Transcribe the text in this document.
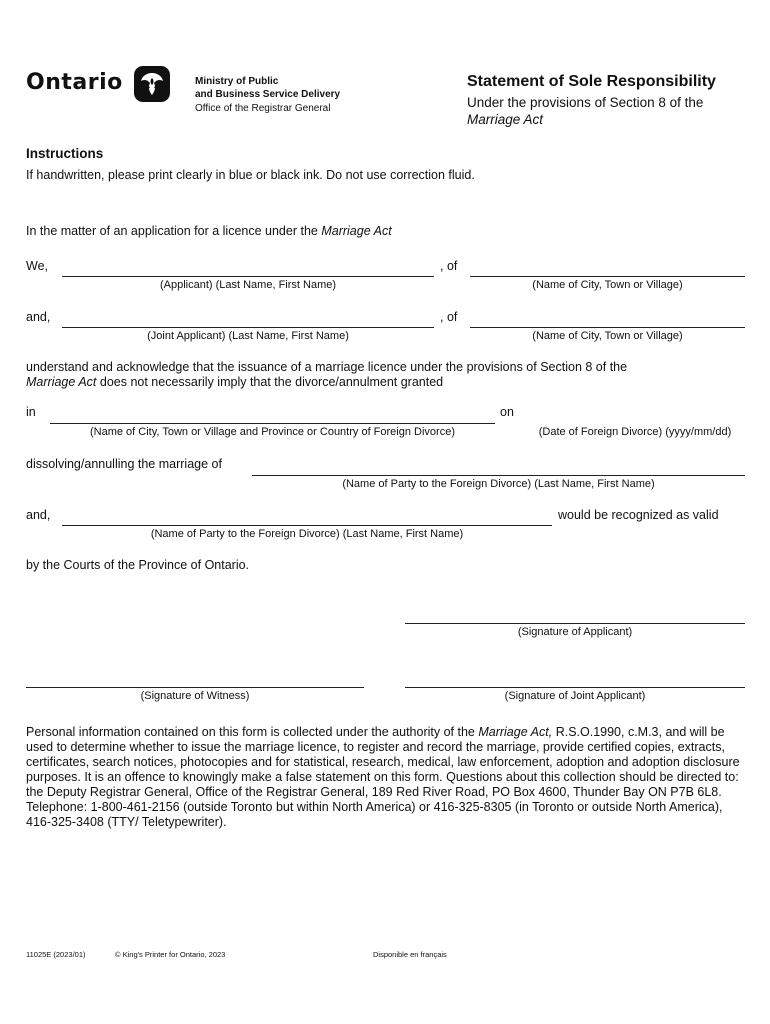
Ontario	Ministry of Public
and Business Service Delivery
Office of the Registrar General
Statement of Sole Responsibility
Under the provisions of Section 8 of the
Marriage Act
Instructions
If handwritten, please print clearly in blue or black ink. Do not use correction fluid.
In the matter of an application for a licence under the Marriage Act
We,	, of
(Applicant) (Last Name, First Name)	(Name of City, Town or Village)
and,	, of
(Joint Applicant) (Last Name, First Name)	(Name of City, Town or Village)
understand and acknowledge that the issuance of a marriage licence under the provisions of Section 8 of the
Marriage Act does not necessarily imply that the divorce/annulment granted
in	on
(Name of City, Town or Village and Province or Country of Foreign Divorce)	(Date of Foreign Divorce) (yyyy/mm/dd)
dissolving/annulling the marriage of
(Name of Party to the Foreign Divorce) (Last Name, First Name)
and,	would be recognized as valid
(Name of Party to the Foreign Divorce) (Last Name, First Name)
by the Courts of the Province of Ontario.
(Signature of Applicant)
(Signature of Witness)	(Signature of Joint Applicant)
Personal information contained on this form is collected under the authority of the Marriage Act, R.S.O.1990, c.M.3, and will be used to determine whether to issue the marriage licence, to register and record the marriage, provide certified copies, extracts, certificates, search notices, photocopies and for statistical, research, medical, law enforcement, adoption and adoption disclosure purposes. It is an offence to knowingly make a false statement on this form. Questions about this collection should be directed to: the Deputy Registrar General, Office of the Registrar General, 189 Red River Road, PO Box 4600, Thunder Bay ON P7B 6L8. Telephone: 1-800-461-2156 (outside Toronto but within North America) or 416-325-8305 (in Toronto or outside North America), 416-325-3408 (TTY/ Teletypewriter).
11025E (2023/01)	© King's Printer for Ontario, 2023	Disponible en français
